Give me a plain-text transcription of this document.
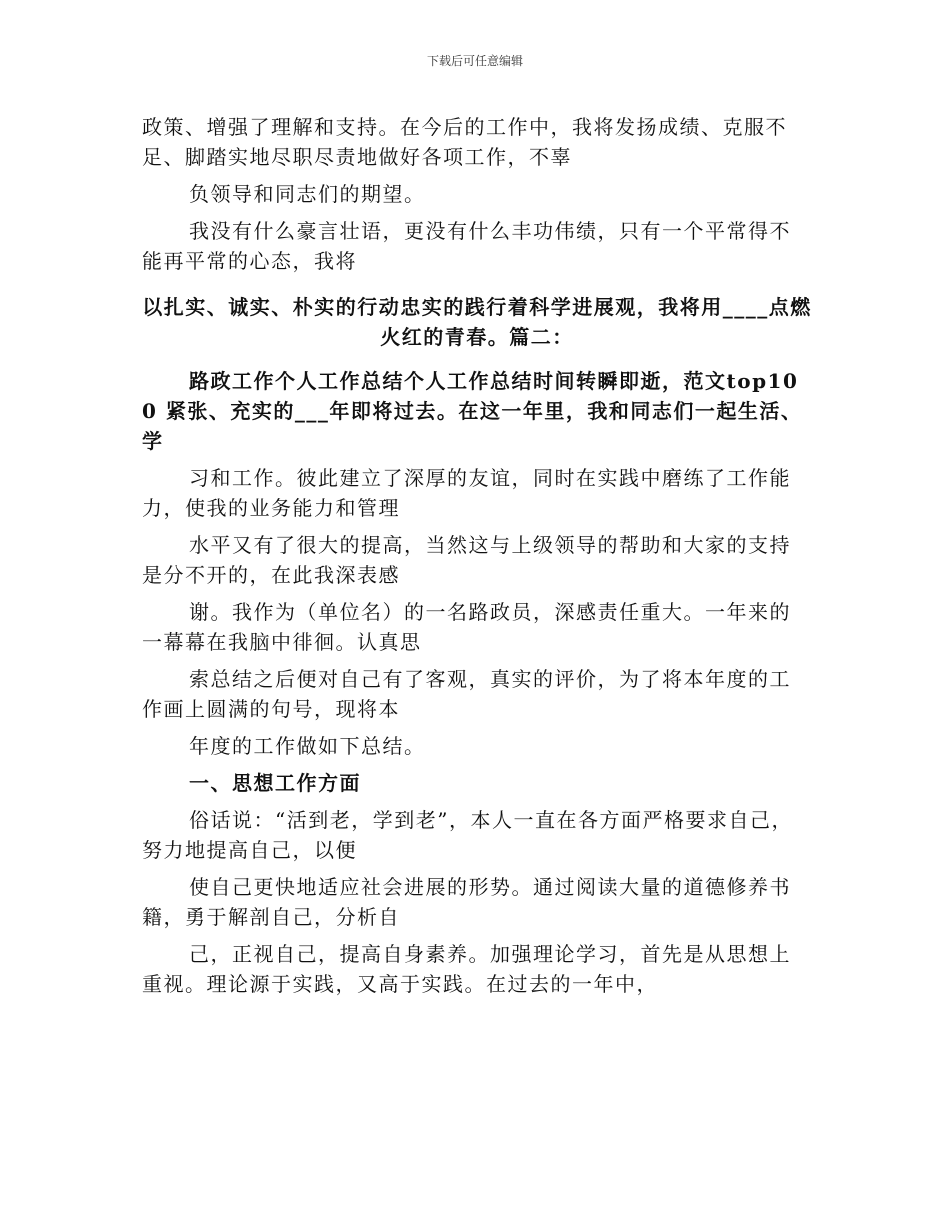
下载后可任意编辑

政策、增强了理解和支持。在今后的工作中，我将发扬成绩、克服不足、脚踏实地尽职尽责地做好各项工作，不辜

负领导和同志们的期望。

我没有什么豪言壮语，更没有什么丰功伟绩，只有一个平常得不能再平常的心态，我将

以扎实、诚实、朴实的行动忠实的践行着科学进展观，我将用____点燃火红的青春。篇二：

路政工作个人工作总结个人工作总结时间转瞬即逝，范文top100 紧张、充实的___年即将过去。在这一年里，我和同志们一起生活、学

习和工作。彼此建立了深厚的友谊，同时在实践中磨练了工作能力，使我的业务能力和管理

水平又有了很大的提高，当然这与上级领导的帮助和大家的支持是分不开的，在此我深表感

谢。我作为（单位名）的一名路政员，深感责任重大。一年来的一幕幕在我脑中徘徊。认真思

索总结之后便对自己有了客观，真实的评价，为了将本年度的工作画上圆满的句号，现将本

年度的工作做如下总结。

一、思想工作方面

俗话说：“活到老，学到老”，本人一直在各方面严格要求自己，努力地提高自己，以便

使自己更快地适应社会进展的形势。通过阅读大量的道德修养书籍，勇于解剖自己，分析自

己，正视自己，提高自身素养。加强理论学习，首先是从思想上重视。理论源于实践，又高于实践。在过去的一年中，
